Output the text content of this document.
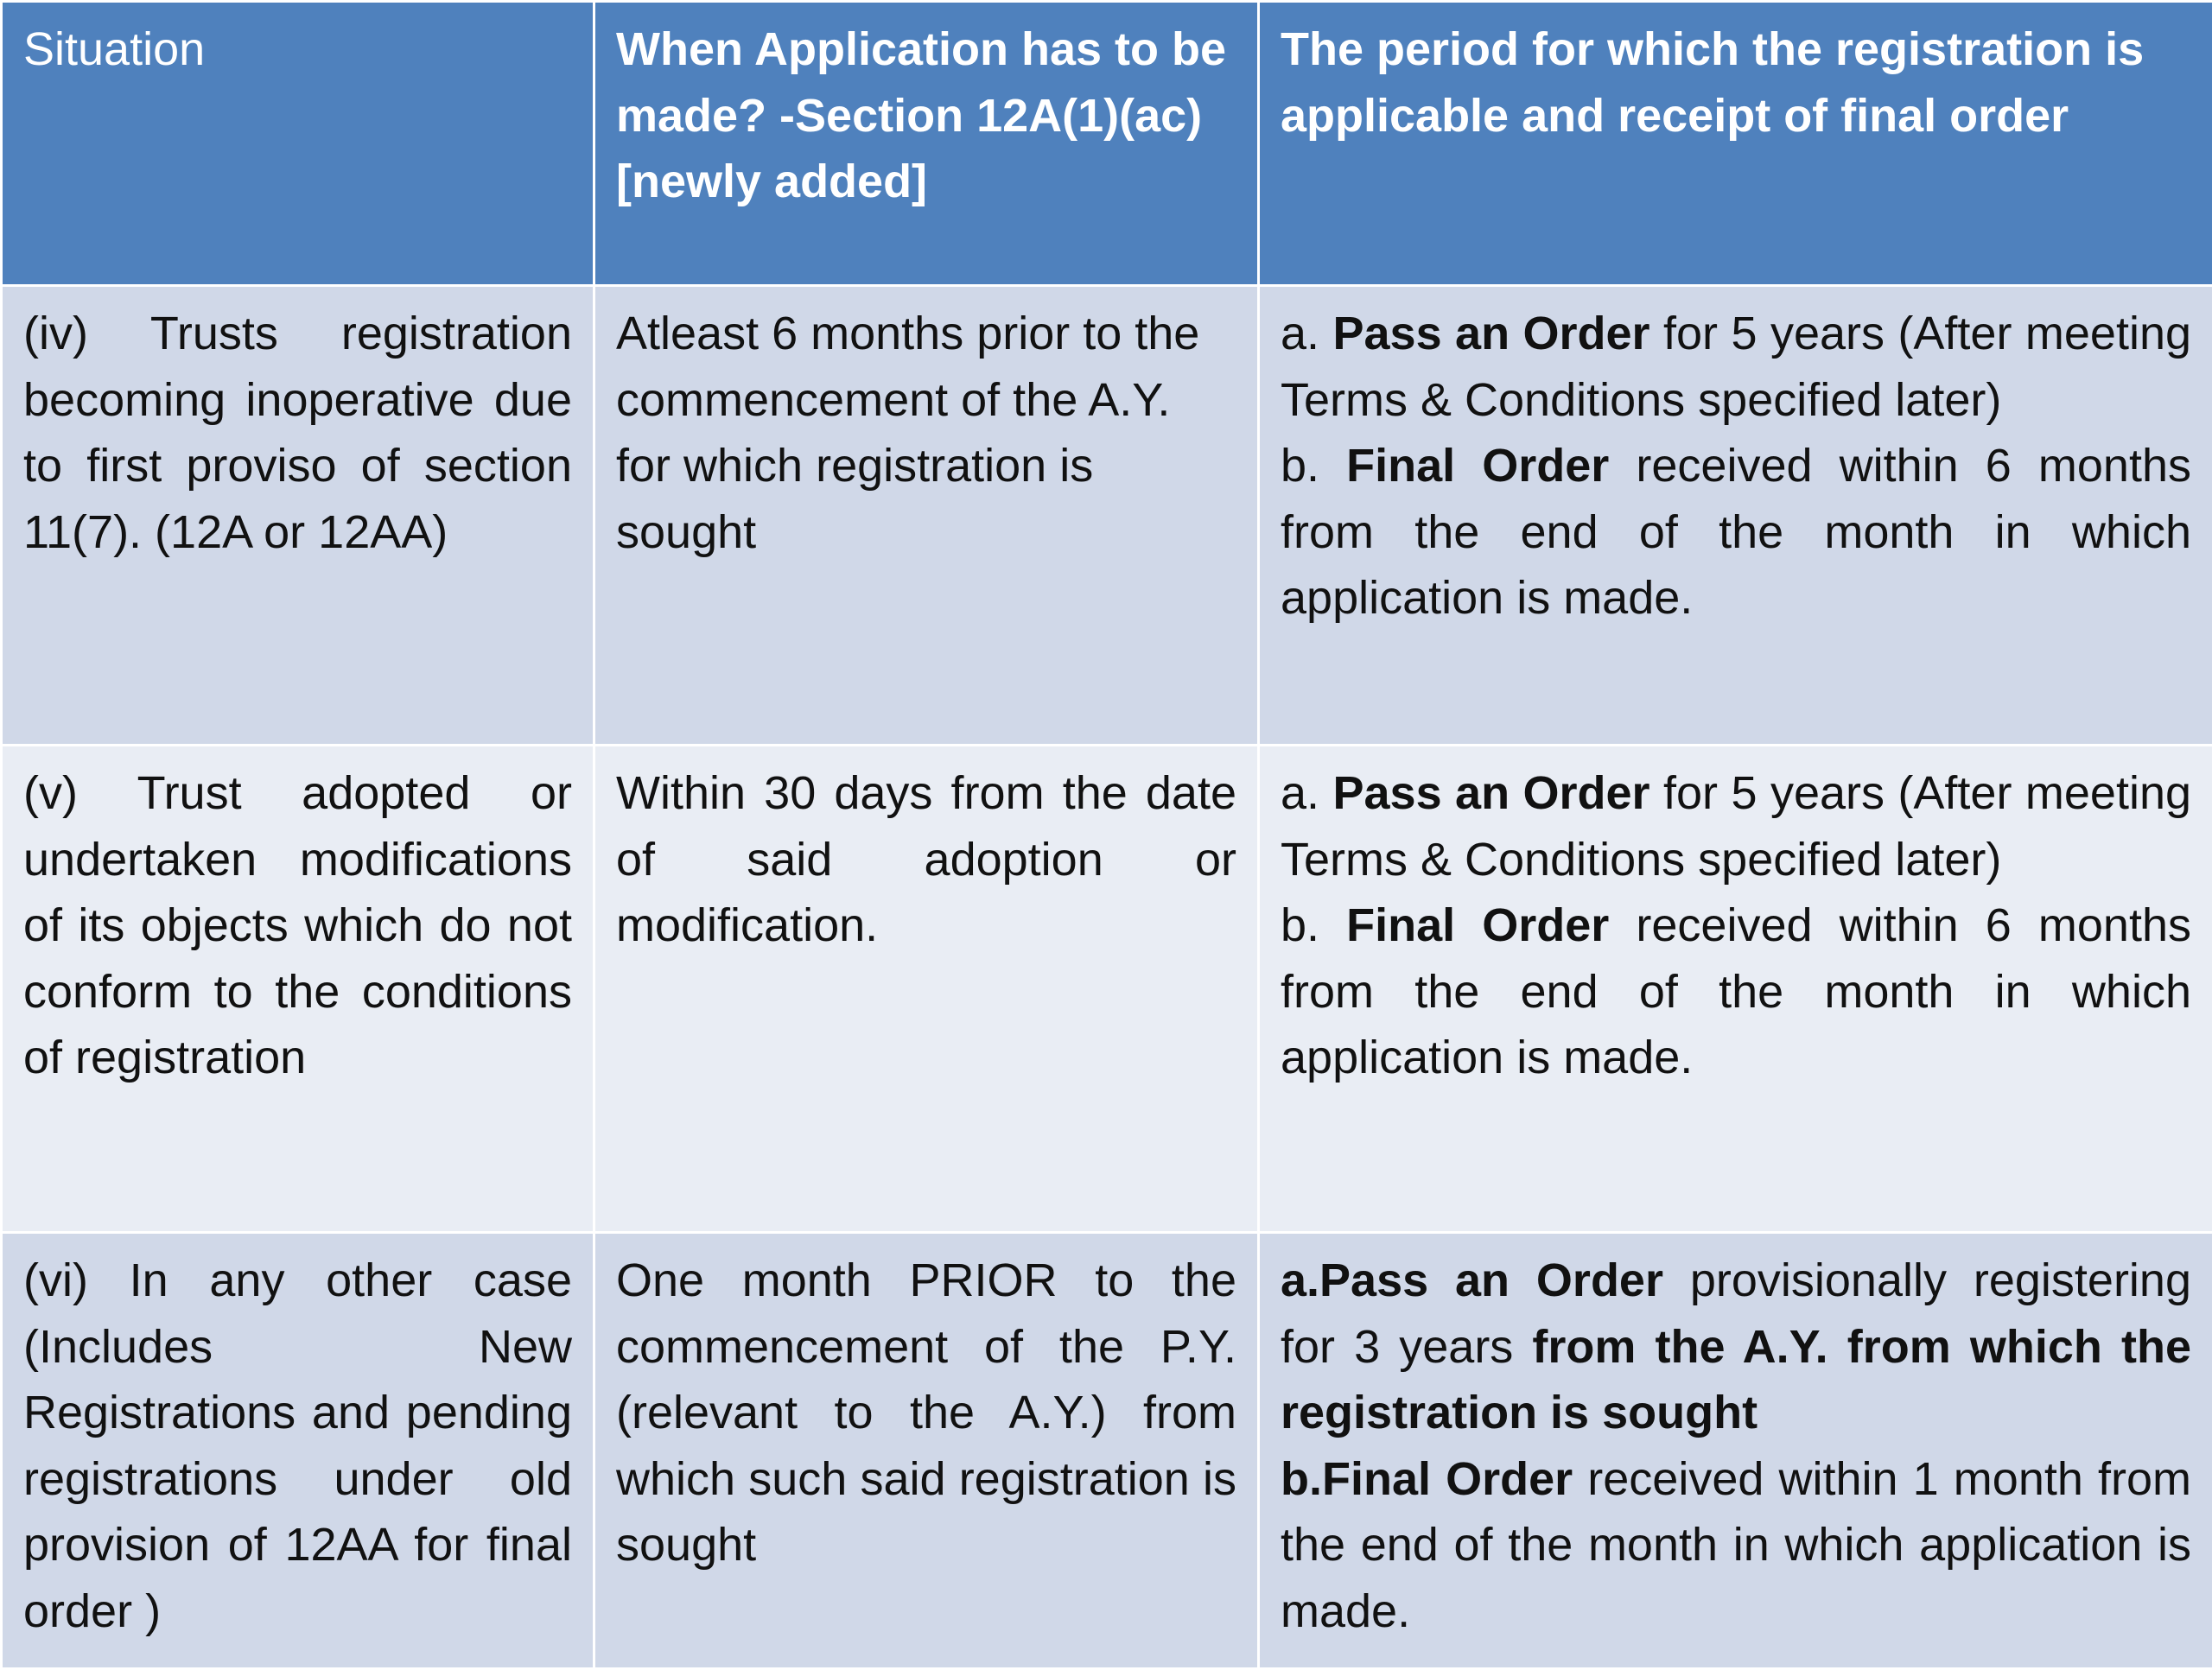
Situation	When Application has to be made? -Section 12A(1)(ac) [newly added]	The period for which the registration is applicable and receipt of final order
(iv) Trusts registration becoming inoperative due to first proviso of section 11(7). (12A or 12AA)	Atleast 6 months prior to the commencement of the A.Y. for which registration is sought	a. Pass an Order for 5 years (After meeting Terms & Conditions specified later)
b. Final Order received within 6 months from the end of the month in which application is made.

(v) Trust adopted or undertaken modifications of its objects which do not conform to the conditions of registration	Within 30 days from the date of said adoption or modification.	a. Pass an Order for 5 years (After meeting Terms & Conditions specified later)
b. Final Order received within 6 months from the end of the month in which application is made.

(vi) In any other case (Includes New Registrations and pending registrations under old provision of 12AA for final order )	One month PRIOR to the commencement of the P.Y. (relevant to the A.Y.) from which such said registration is sought	a.Pass an Order provisionally registering for 3 years from the A.Y. from which the registration is sought
b.Final Order received within 1 month from the end of the month in which application is made.
